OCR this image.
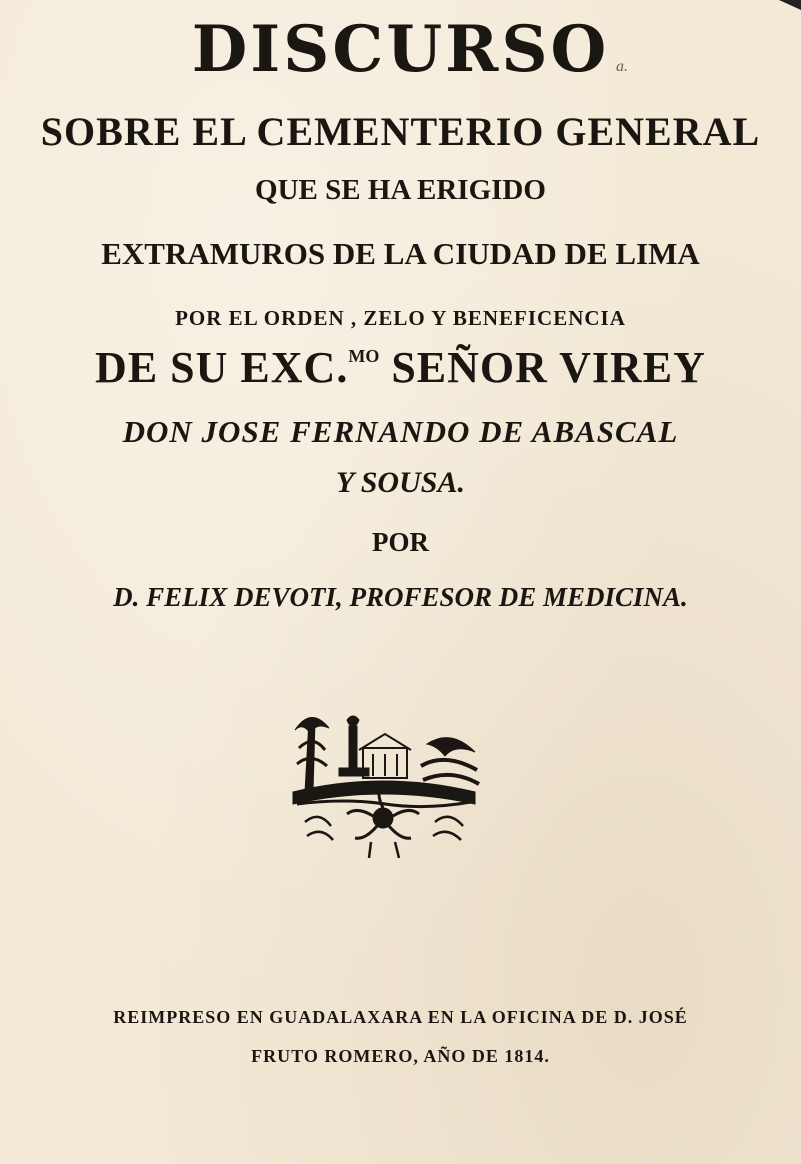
DISCURSO a.
SOBRE EL CEMENTERIO GENERAL
QUE SE HA ERIGIDO
EXTRAMUROS DE LA CIUDAD DE LIMA
POR EL ORDEN , ZELO Y BENEFICENCIA
DE SU EXC.$^{MO}$ SEÑOR VIREY
DON JOSE FERNANDO DE ABASCAL
Y SOUSA.
POR
D. FELIX DEVOTI, PROFESOR DE MEDICINA.
REIMPRESO EN GUADALAXARA EN LA OFICINA DE D. JOSÉ
FRUTO ROMERO, AÑO DE 1814.
